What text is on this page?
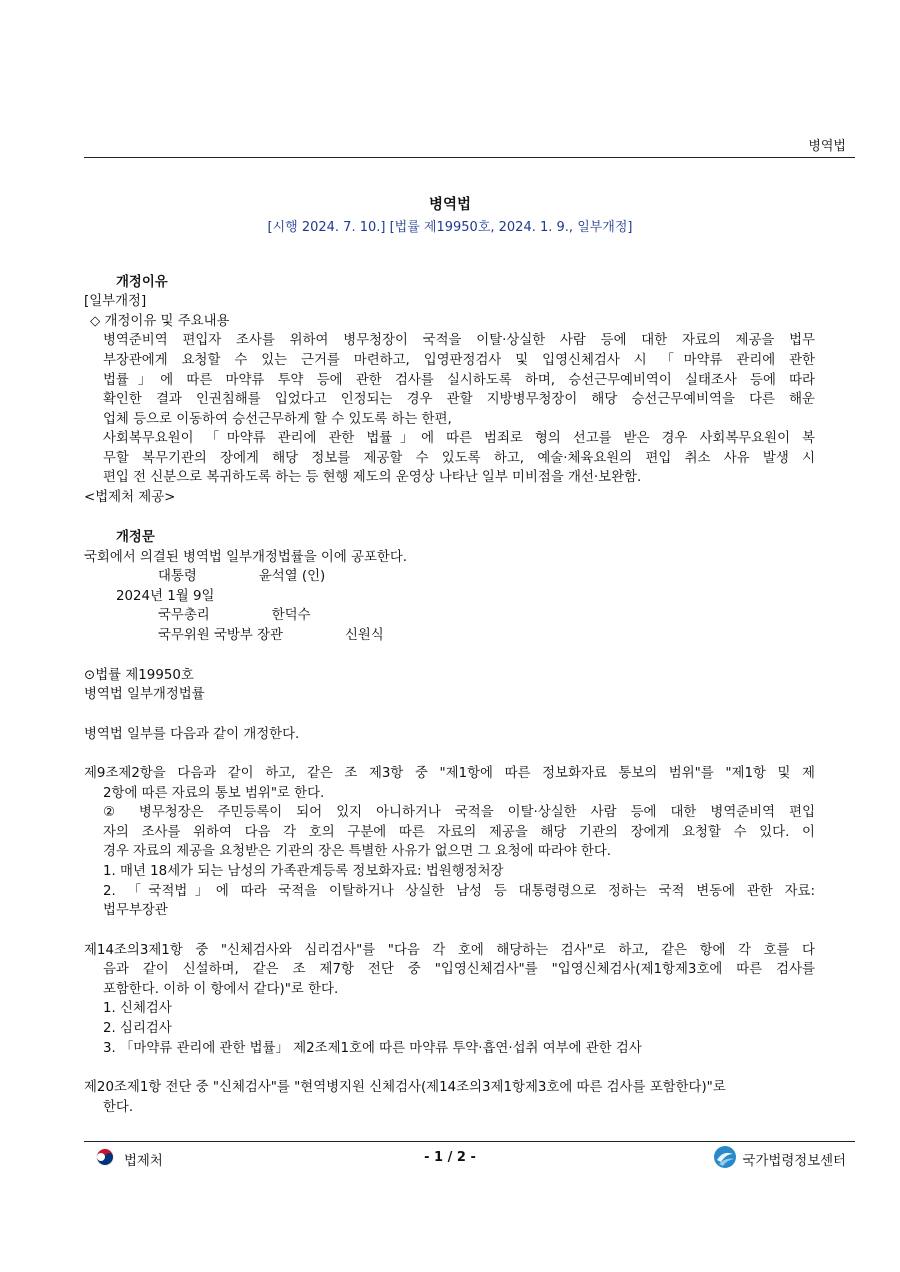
병역법
병역법
[시행 2024. 7. 10.] [법률 제19950호, 2024. 1. 9., 일부개정]
개정이유
[일부개정]
◇ 개정이유 및 주요내용
병역준비역 편입자 조사를 위하여 병무청장이 국적을 이탈·상실한 사람 등에 대한 자료의 제공을 법무
부장관에게 요청할 수 있는 근거를 마련하고, 입영판정검사 및 입영신체검사 시 「마약류 관리에 관한
법률」에 따른 마약류 투약 등에 관한 검사를 실시하도록 하며, 승선근무예비역이 실태조사 등에 따라
확인한 결과 인권침해를 입었다고 인정되는 경우 관할 지방병무청장이 해당 승선근무예비역을 다른 해운
업체 등으로 이동하여 승선근무하게 할 수 있도록 하는 한편,
사회복무요원이 「마약류 관리에 관한 법률」에 따른 범죄로 형의 선고를 받은 경우 사회복무요원이 복
무할 복무기관의 장에게 해당 정보를 제공할 수 있도록 하고, 예술·체육요원의 편입 취소 사유 발생 시
편입 전 신분으로 복귀하도록 하는 등 현행 제도의 운영상 나타난 일부 미비점을 개선·보완함.
<법제처 제공>
개정문
국회에서 의결된 병역법 일부개정법률을 이에 공포한다.
대통령	윤석열 (인)
2024년 1월 9일
국무총리	한덕수
국무위원 국방부 장관	신원식
⊙법률 제19950호
병역법 일부개정법률
병역법 일부를 다음과 같이 개정한다.
제9조제2항을 다음과 같이 하고, 같은 조 제3항 중 "제1항에 따른 정보화자료 통보의 범위"를 "제1항 및 제
2항에 따른 자료의 통보 범위"로 한다.
② 병무청장은 주민등록이 되어 있지 아니하거나 국적을 이탈·상실한 사람 등에 대한 병역준비역 편입
자의 조사를 위하여 다음 각 호의 구분에 따른 자료의 제공을 해당 기관의 장에게 요청할 수 있다. 이
경우 자료의 제공을 요청받은 기관의 장은 특별한 사유가 없으면 그 요청에 따라야 한다.
1. 매년 18세가 되는 남성의 가족관계등록 정보화자료: 법원행정처장
2. 「국적법」에 따라 국적을 이탈하거나 상실한 남성 등 대통령령으로 정하는 국적 변동에 관한 자료:
법무부장관
제14조의3제1항 중 "신체검사와 심리검사"를 "다음 각 호에 해당하는 검사"로 하고, 같은 항에 각 호를 다
음과 같이 신설하며, 같은 조 제7항 전단 중 "입영신체검사"를 "입영신체검사(제1항제3호에 따른 검사를
포함한다. 이하 이 항에서 같다)"로 한다.
1. 신체검사
2. 심리검사
3. 「마약류 관리에 관한 법률」 제2조제1호에 따른 마약류 투약·흡연·섭취 여부에 관한 검사
제20조제1항 전단 중 "신체검사"를 "현역병지원 신체검사(제14조의3제1항제3호에 따른 검사를 포함한다)"로
한다.
법제처	- 1 / 2 -	국가법령정보센터
